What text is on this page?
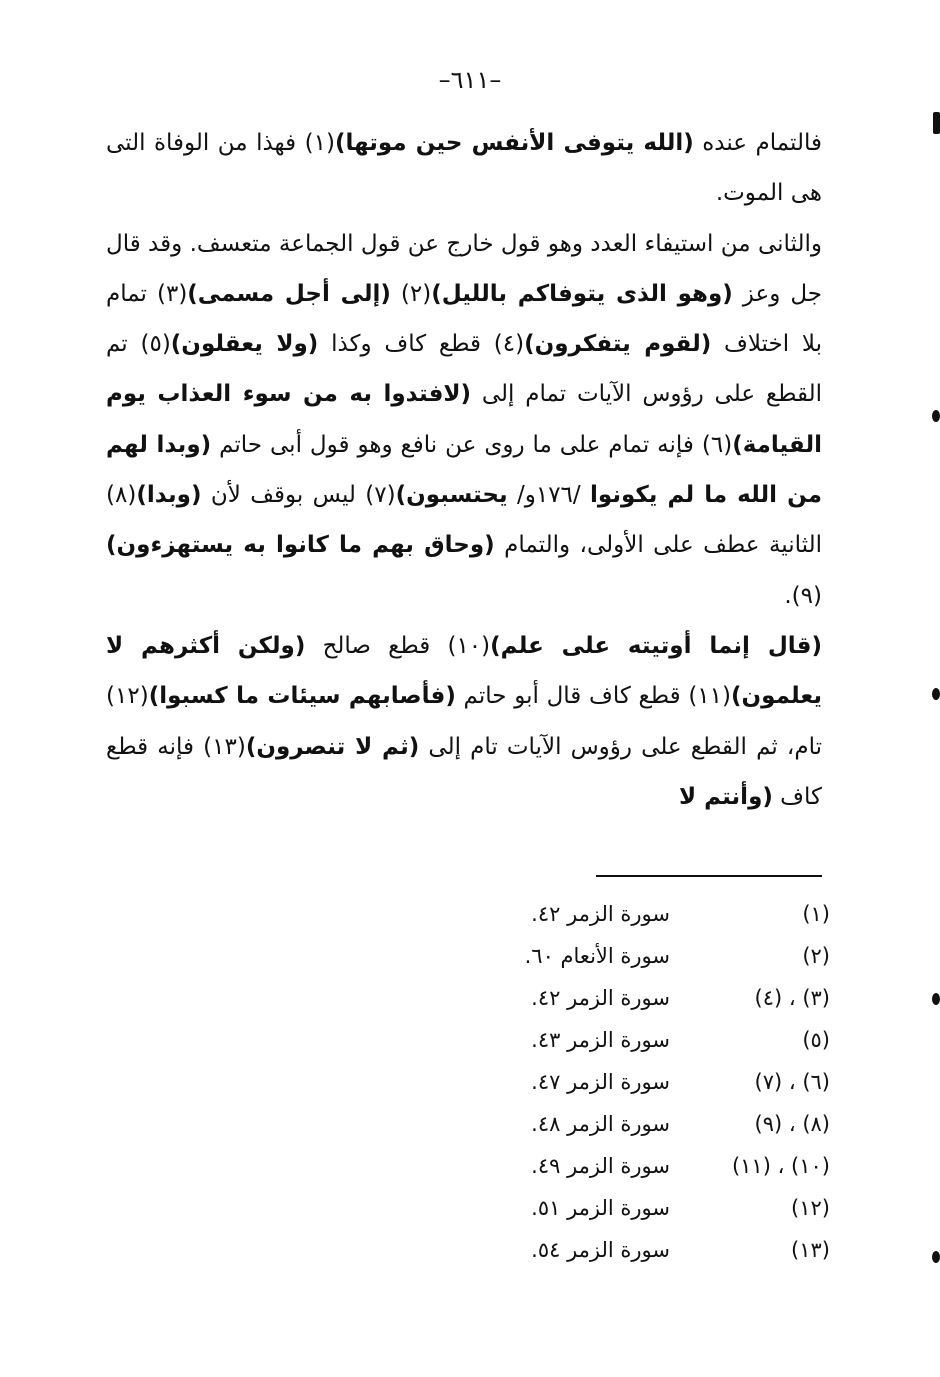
–٦١١–

فالتمام عنده (الله يتوفى الأنفس حين موتها)(١) فهذا من الوفاة التى هى الموت.

والثانى من استيفاء العدد وهو قول خارج عن قول الجماعة متعسف. وقد قال جل وعز (وهو الذى يتوفاكم بالليل)(٢) (إلى أجل مسمى)(٣) تمام بلا اختلاف (لقوم يتفكرون)(٤) قطع كاف وكذا (ولا يعقلون)(٥) تم القطع على رؤوس الآيات تمام إلى (لافتدوا به من سوء العذاب يوم القيامة)(٦) فإنه تمام على ما روى عن نافع وهو قول أبى حاتم (وبدا لهم من الله ما لم يكونوا /١٧٦و/ يحتسبون)(٧) ليس بوقف لأن (وبدا)(٨) الثانية عطف على الأولى، والتمام (وحاق بهم ما كانوا به يستهزءون)(٩).

(قال إنما أوتيته على علم)(١٠) قطع صالح (ولكن أكثرهم لا يعلمون)(١١) قطع كاف قال أبو حاتم (فأصابهم سيئات ما كسبوا)(١٢) تام، ثم القطع على رؤوس الآيات تام إلى (ثم لا تنصرون)(١٣) فإنه قطع كاف (وأنتم لا

(١)
سورة الزمر ٤٢.
(٢)
سورة الأنعام ٦٠.
(٣) ، (٤)
سورة الزمر ٤٢.
(٥)
سورة الزمر ٤٣.
(٦) ، (٧)
سورة الزمر ٤٧.
(٨) ، (٩)
سورة الزمر ٤٨.
(١٠) ، (١١)
سورة الزمر ٤٩.
(١٢)
سورة الزمر ٥١.
(١٣)
سورة الزمر ٥٤.
